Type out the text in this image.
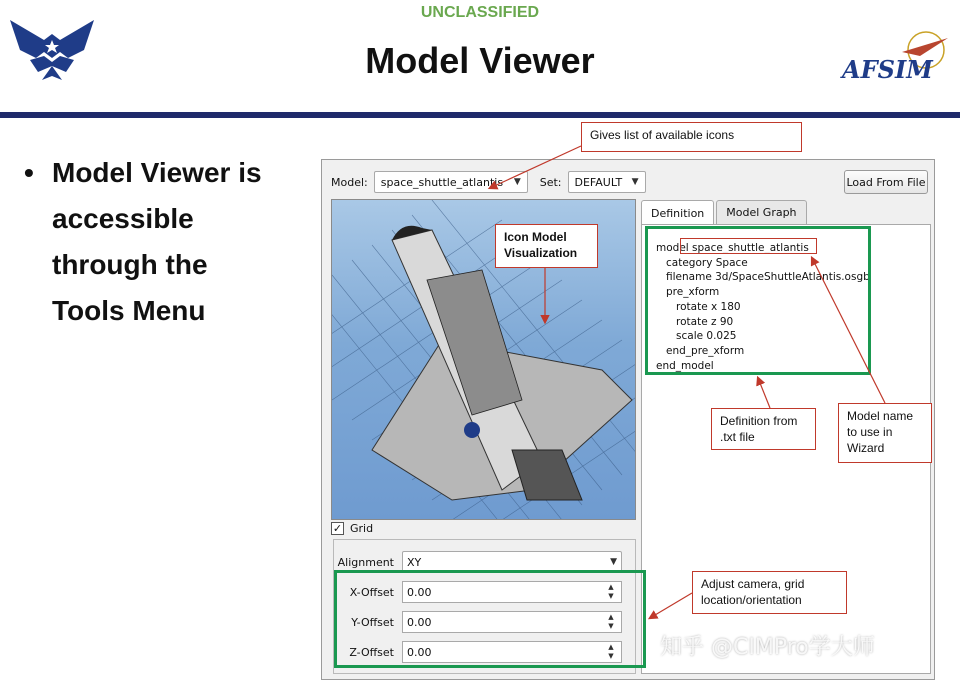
UNCLASSIFIED
Model Viewer	AFSIM
• Model Viewer is
accessible
through the
Tools Menu
Model: space_shuttle_atlantis ▼ Set: DEFAULT ▼	Load From File
✓ Grid
Alignment	XY	▼
X-Offset	0.00	▲
▼
Y-Offset	0.00	▲
▼
Z-Offset	0.00	▲
▼
Definition	Model Graph
model space_shuttle_atlantis
category Space
filename 3d/SpaceShuttleAtlantis.osgb
pre_xform
rotate x 180
rotate z 90
scale 0.025
end_pre_xform
end_model
Gives list of available icons
Icon Model Visualization
Definition from .txt file
Model name to use in Wizard
Adjust camera, grid location/orientation
知乎 @CIMPro学大师
